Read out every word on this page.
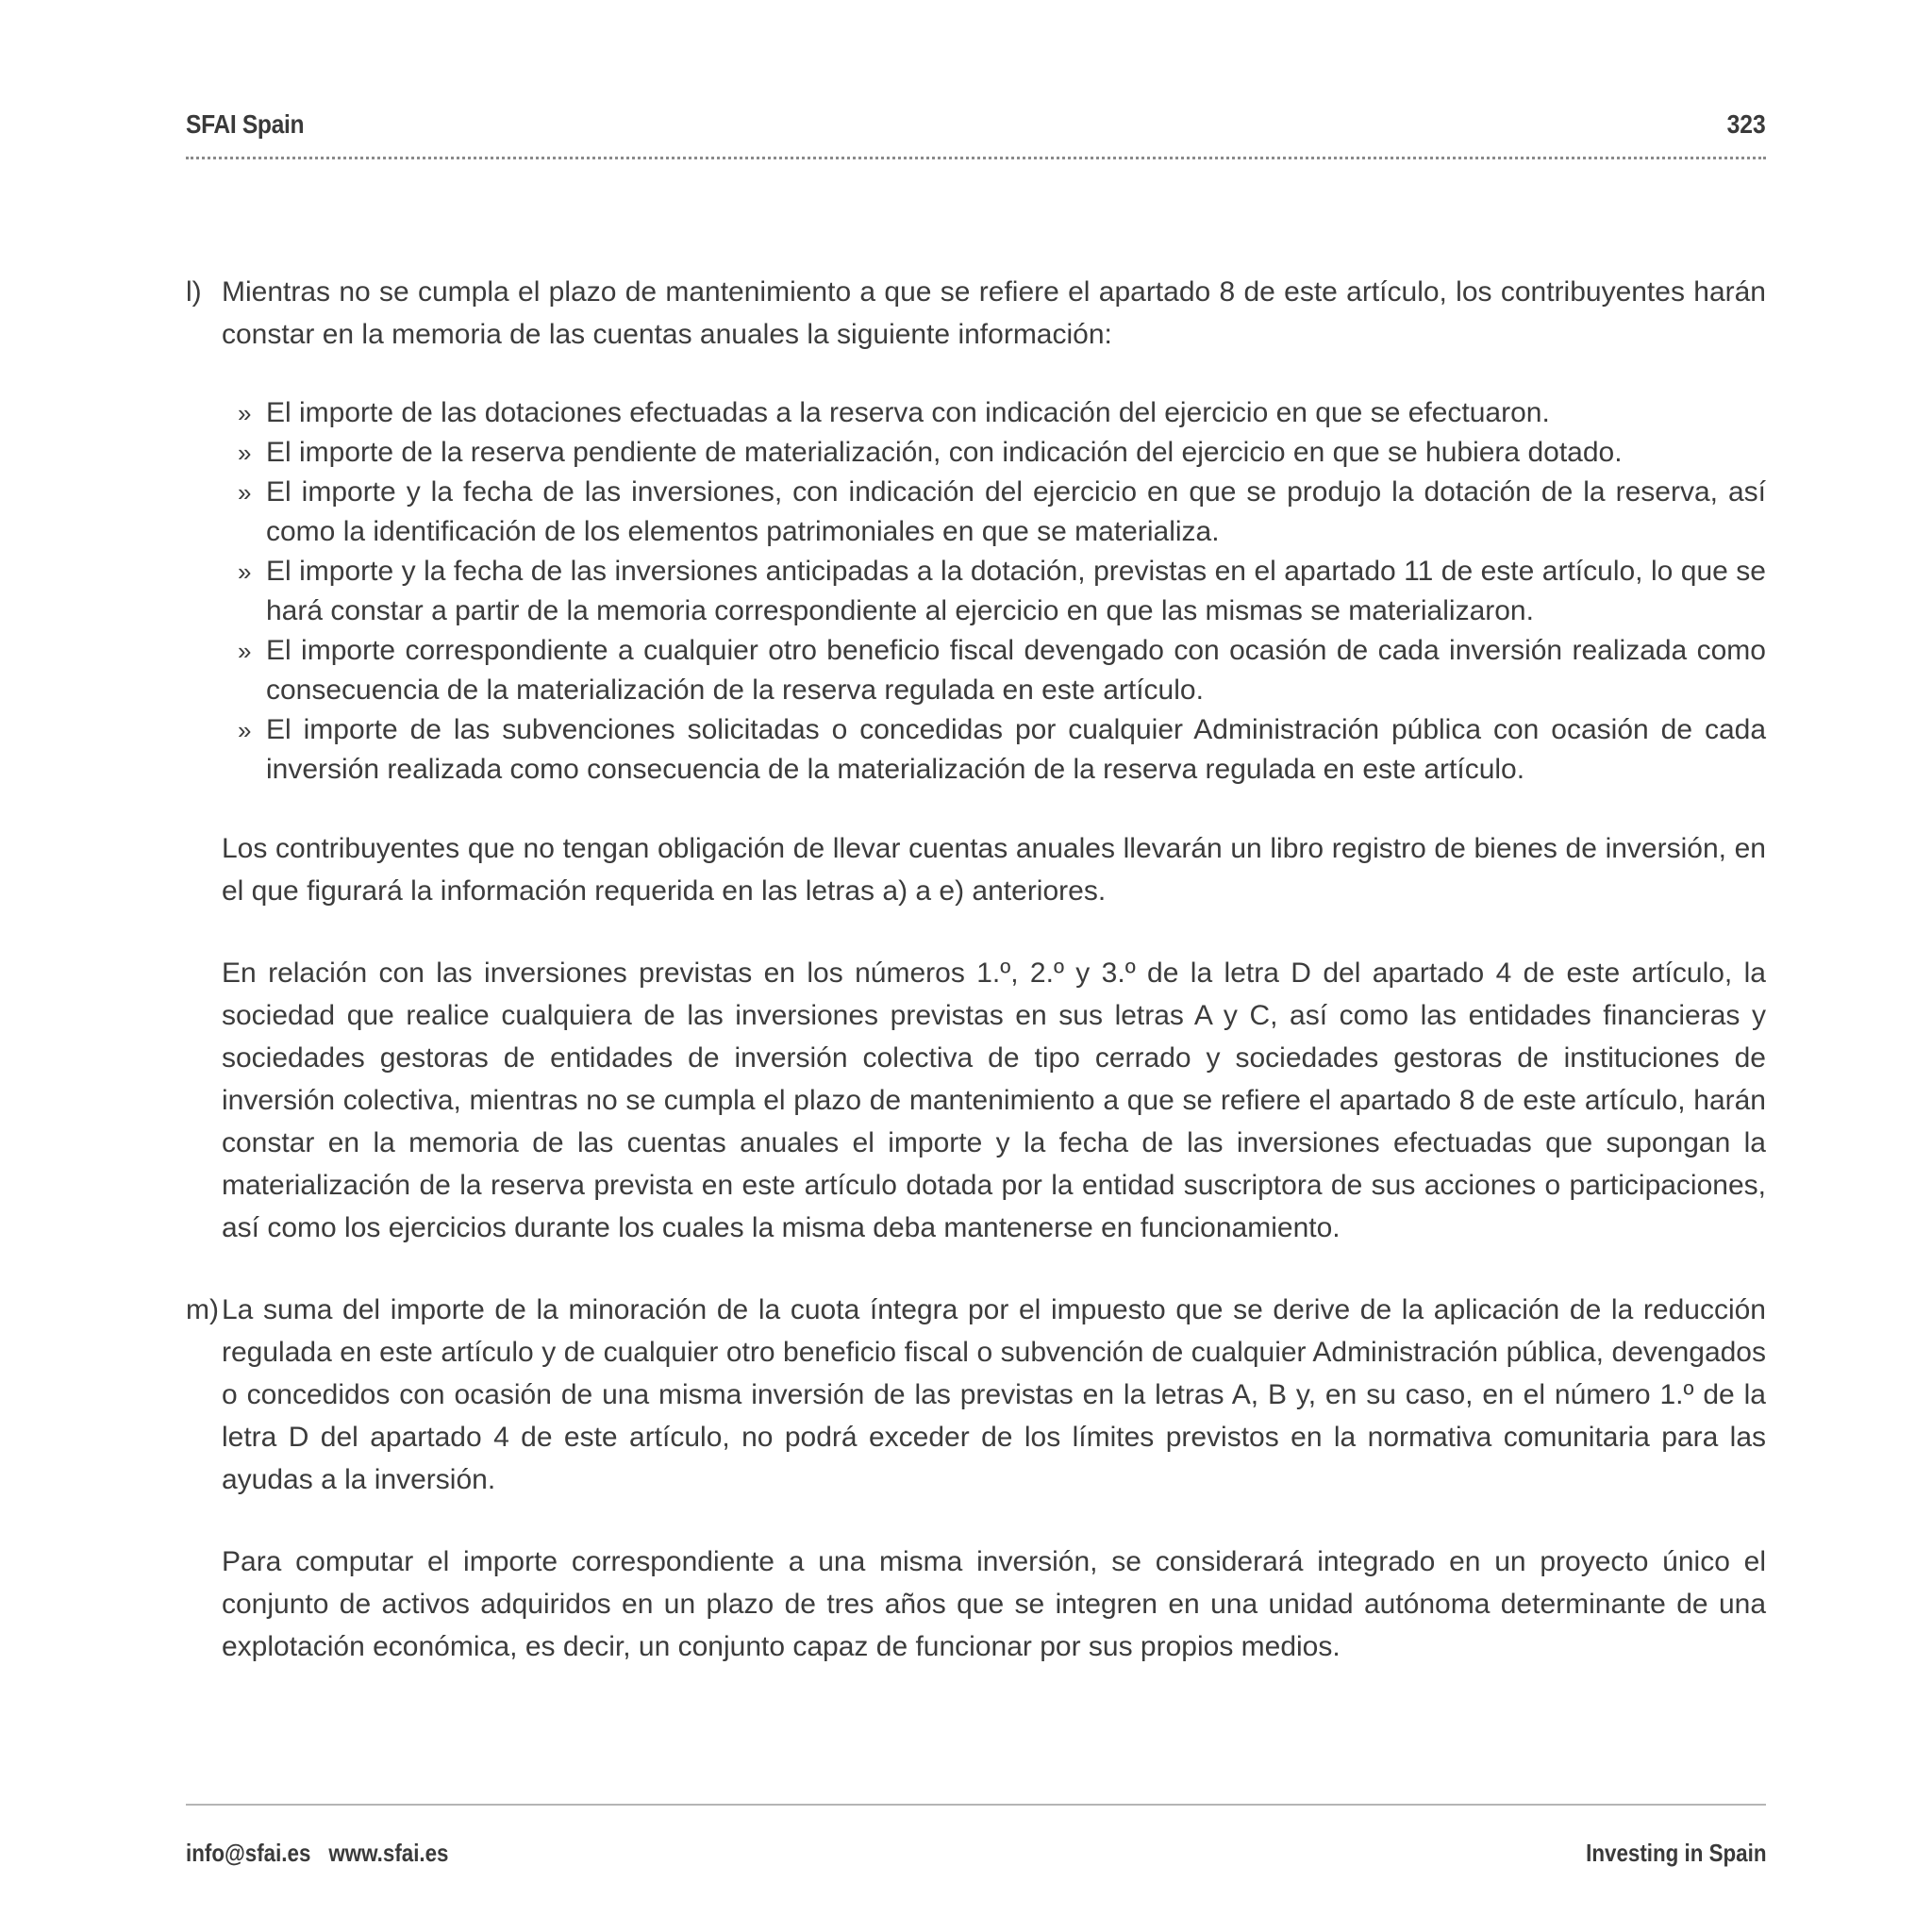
SFAI Spain	323
l) Mientras no se cumpla el plazo de mantenimiento a que se refiere el apartado 8 de este artículo, los contribuyentes harán constar en la memoria de las cuentas anuales la siguiente información:
» El importe de las dotaciones efectuadas a la reserva con indicación del ejercicio en que se efectuaron.
» El importe de la reserva pendiente de materialización, con indicación del ejercicio en que se hubiera dotado.
» El importe y la fecha de las inversiones, con indicación del ejercicio en que se produjo la dotación de la reserva, así como la identificación de los elementos patrimoniales en que se materializa.
» El importe y la fecha de las inversiones anticipadas a la dotación, previstas en el apartado 11 de este artículo, lo que se hará constar a partir de la memoria correspondiente al ejercicio en que las mismas se materializaron.
» El importe correspondiente a cualquier otro beneficio fiscal devengado con ocasión de cada inversión realizada como consecuencia de la materialización de la reserva regulada en este artículo.
» El importe de las subvenciones solicitadas o concedidas por cualquier Administración pública con ocasión de cada inversión realizada como consecuencia de la materialización de la reserva regulada en este artículo.

Los contribuyentes que no tengan obligación de llevar cuentas anuales llevarán un libro registro de bienes de inversión, en el que figurará la información requerida en las letras a) a e) anteriores.

En relación con las inversiones previstas en los números 1.º, 2.º y 3.º de la letra D del apartado 4 de este artículo, la sociedad que realice cualquiera de las inversiones previstas en sus letras A y C, así como las entidades financieras y sociedades gestoras de entidades de inversión colectiva de tipo cerrado y sociedades gestoras de instituciones de inversión colectiva, mientras no se cumpla el plazo de mantenimiento a que se refiere el apartado 8 de este artículo, harán constar en la memoria de las cuentas anuales el importe y la fecha de las inversiones efectuadas que supongan la materialización de la reserva prevista en este artículo dotada por la entidad suscriptora de sus acciones o participaciones, así como los ejercicios durante los cuales la misma deba mantenerse en funcionamiento.

m) La suma del importe de la minoración de la cuota íntegra por el impuesto que se derive de la aplicación de la reducción regulada en este artículo y de cualquier otro beneficio fiscal o subvención de cualquier Administración pública, devengados o concedidos con ocasión de una misma inversión de las previstas en la letras A, B y, en su caso, en el número 1.º de la letra D del apartado 4 de este artículo, no podrá exceder de los límites previstos en la normativa comunitaria para las ayudas a la inversión.

Para computar el importe correspondiente a una misma inversión, se considerará integrado en un proyecto único el conjunto de activos adquiridos en un plazo de tres años que se integren en una unidad autónoma determinante de una explotación económica, es decir, un conjunto capaz de funcionar por sus propios medios.

info@sfai.es www.sfai.es	Investing in Spain
